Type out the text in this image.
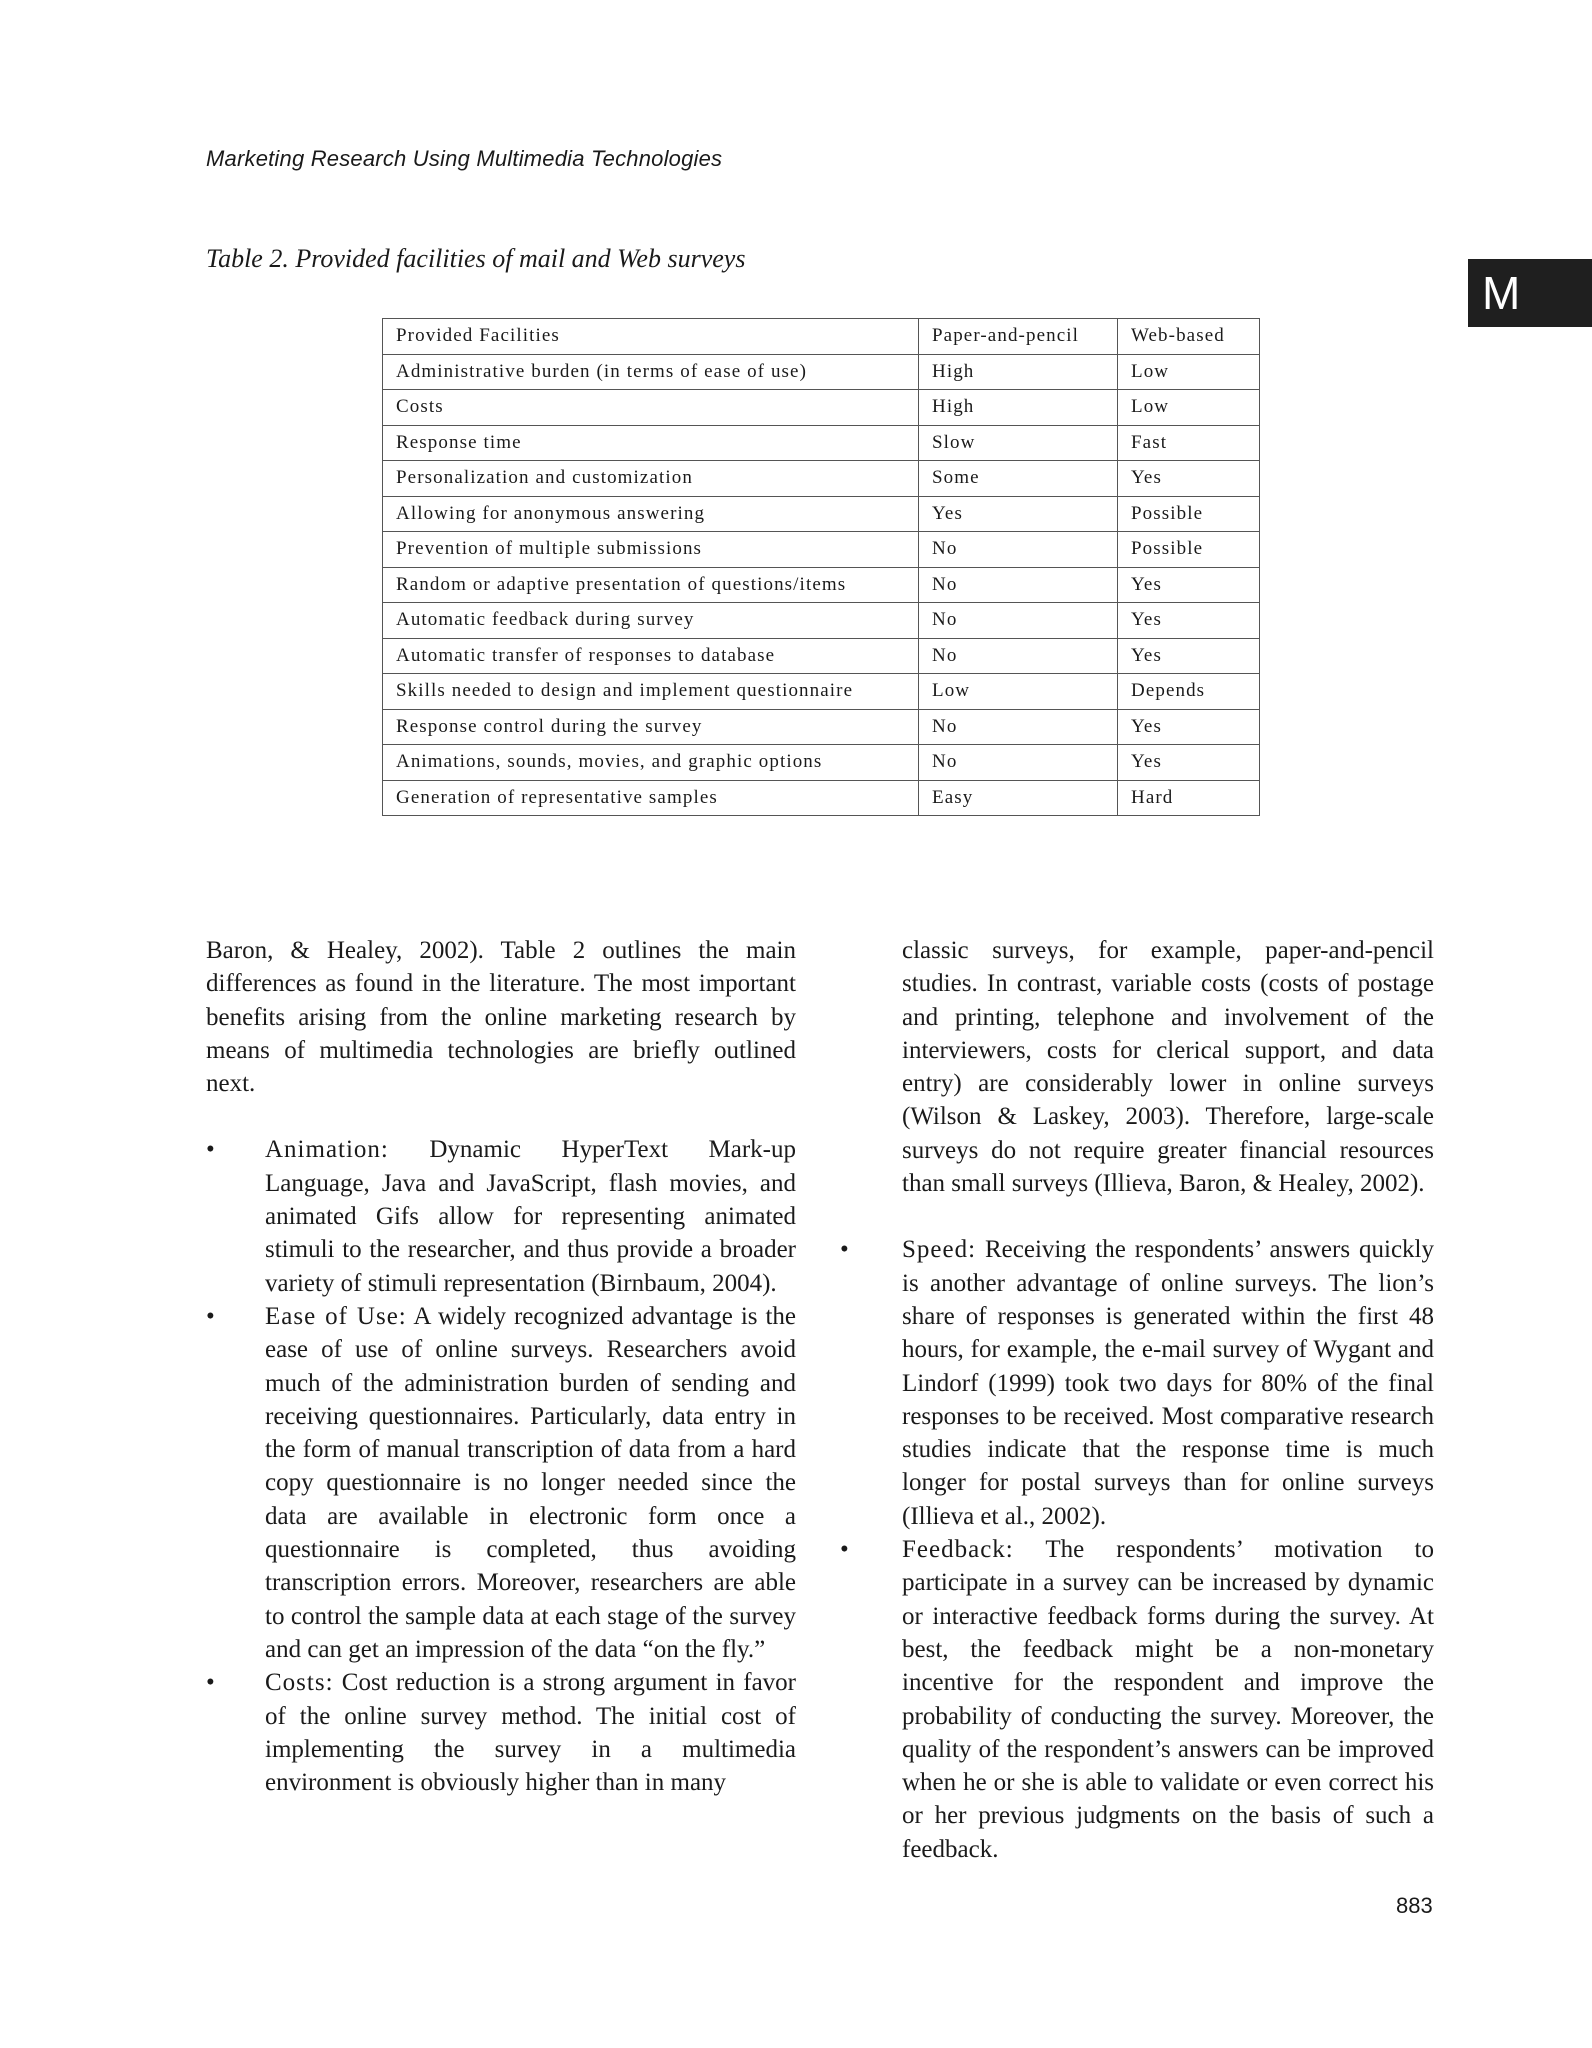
Marketing Research Using Multimedia Technologies
M
Table 2. Provided facilities of mail and Web surveys
Provided Facilities	Paper-and-pencil	Web-based
Administrative burden (in terms of ease of use)	High	Low
Costs	High	Low
Response time	Slow	Fast
Personalization and customization	Some	Yes
Allowing for anonymous answering	Yes	Possible
Prevention of multiple submissions	No	Possible
Random or adaptive presentation of questions/items	No	Yes
Automatic feedback during survey	No	Yes
Automatic transfer of responses to database	No	Yes
Skills needed to design and implement questionnaire	Low	Depends
Response control during the survey	No	Yes
Animations, sounds, movies, and graphic options	No	Yes
Generation of representative samples	Easy	Hard

Baron, & Healey, 2002). Table 2 outlines the main differences as found in the literature. The most important benefits arising from the online marketing research by means of multimedia technologies are briefly outlined next.

• Animation: Dynamic HyperText Mark-up Language, Java and JavaScript, flash movies, and animated Gifs allow for representing animated stimuli to the researcher, and thus provide a broader variety of stimuli representation (Birnbaum, 2004).
• Ease of Use: A widely recognized advantage is the ease of use of online surveys. Researchers avoid much of the administration burden of sending and receiving questionnaires. Particularly, data entry in the form of manual transcription of data from a hard copy questionnaire is no longer needed since the data are available in electronic form once a questionnaire is completed, thus avoiding transcription errors. Moreover, researchers are able to control the sample data at each stage of the survey and can get an impression of the data “on the fly.”
• Costs: Cost reduction is a strong argument in favor of the online survey method. The initial cost of implementing the survey in a multimedia environment is obviously higher than in many

classic surveys, for example, paper-and-pencil studies. In contrast, variable costs (costs of postage and printing, telephone and involvement of the interviewers, costs for clerical support, and data entry) are considerably lower in online surveys (Wilson & Laskey, 2003). Therefore, large-scale surveys do not require greater financial resources than small surveys (Illieva, Baron, & Healey, 2002).

• Speed: Receiving the respondents’ answers quickly is another advantage of online surveys. The lion’s share of responses is generated within the first 48 hours, for example, the e-mail survey of Wygant and Lindorf (1999) took two days for 80% of the final responses to be received. Most comparative research studies indicate that the response time is much longer for postal surveys than for online surveys (Illieva et al., 2002).
• Feedback: The respondents’ motivation to participate in a survey can be increased by dynamic or interactive feedback forms during the survey. At best, the feedback might be a non-monetary incentive for the respondent and improve the probability of conducting the survey. Moreover, the quality of the respondent’s answers can be improved when he or she is able to validate or even correct his or her previous judgments on the basis of such a feedback.
883
